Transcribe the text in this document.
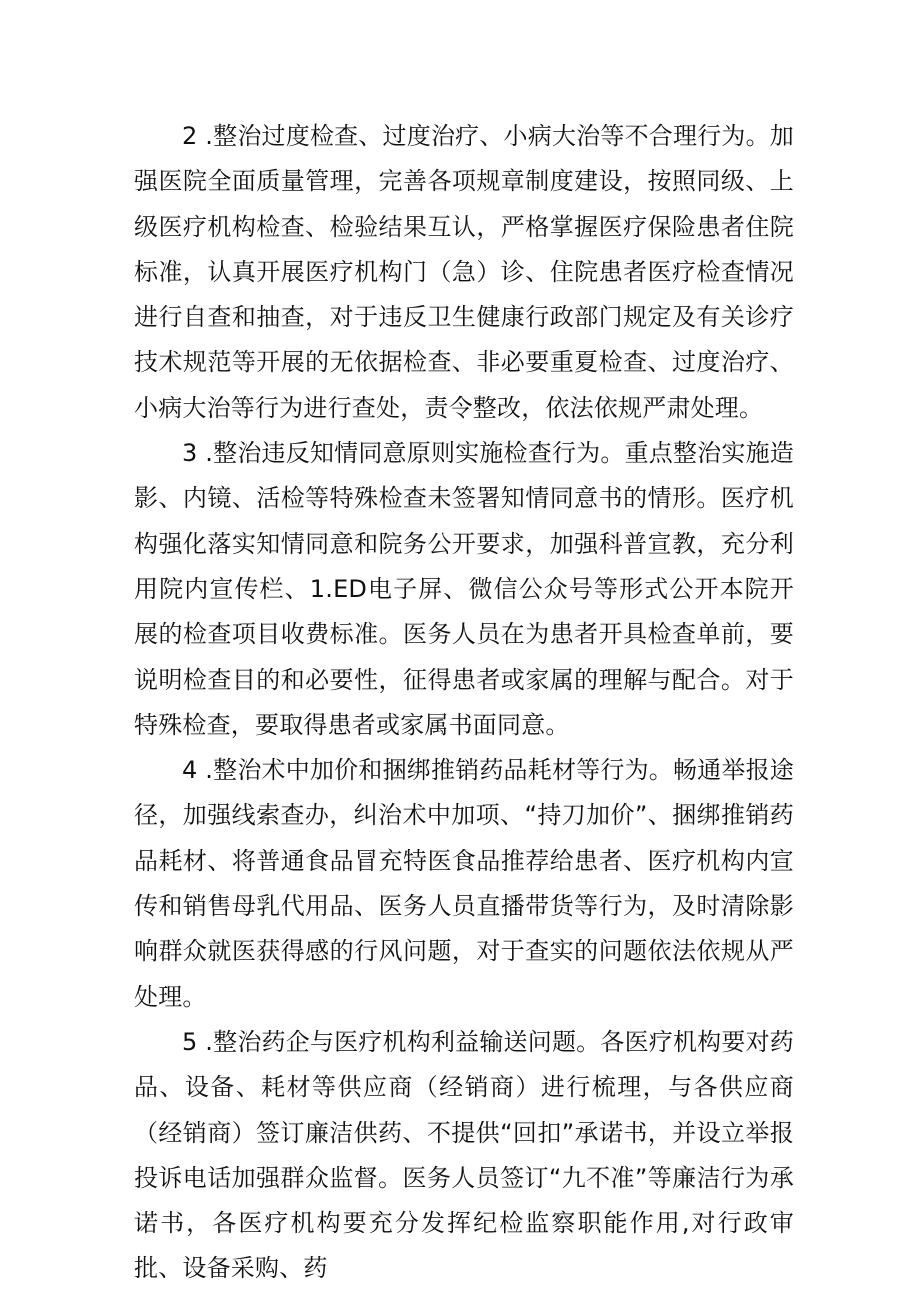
2 .整治过度检查、过度治疗、小病大治等不合理行为。加强医院全面质量管理，完善各项规章制度建设，按照同级、上级医疗机构检查、检验结果互认，严格掌握医疗保险患者住院标准，认真开展医疗机构门（急）诊、住院患者医疗检查情况进行自查和抽查，对于违反卫生健康行政部门规定及有关诊疗技术规范等开展的无依据检查、非必要重夏检查、过度治疗、小病大治等行为进行查处，责令整改，依法依规严肃处理。

3 .整治违反知情同意原则实施检查行为。重点整治实施造影、内镜、活检等特殊检查未签署知情同意书的情形。医疗机构强化落实知情同意和院务公开要求，加强科普宣教，充分利用院内宣传栏、1.ED电子屏、微信公众号等形式公开本院开展的检查项目收费标准。医务人员在为患者开具检查单前，要说明检查目的和必要性，征得患者或家属的理解与配合。对于特殊检查，要取得患者或家属书面同意。

4 .整治术中加价和捆绑推销药品耗材等行为。畅通举报途径，加强线索查办，纠治术中加项、“持刀加价”、捆绑推销药品耗材、将普通食品冒充特医食品推荐给患者、医疗机构内宣传和销售母乳代用品、医务人员直播带货等行为，及时清除影响群众就医获得感的行风问题，对于查实的问题依法依规从严处理。

5 .整治药企与医疗机构利益输送问题。各医疗机构要对药品、设备、耗材等供应商（经销商）进行梳理，与各供应商（经销商）签订廉洁供药、不提供“回扣”承诺书，并设立举报投诉电话加强群众监督。医务人员签订“九不准”等廉洁行为承诺书，各医疗机构要充分发挥纪检监察职能作用,对行政审批、设备采购、药
